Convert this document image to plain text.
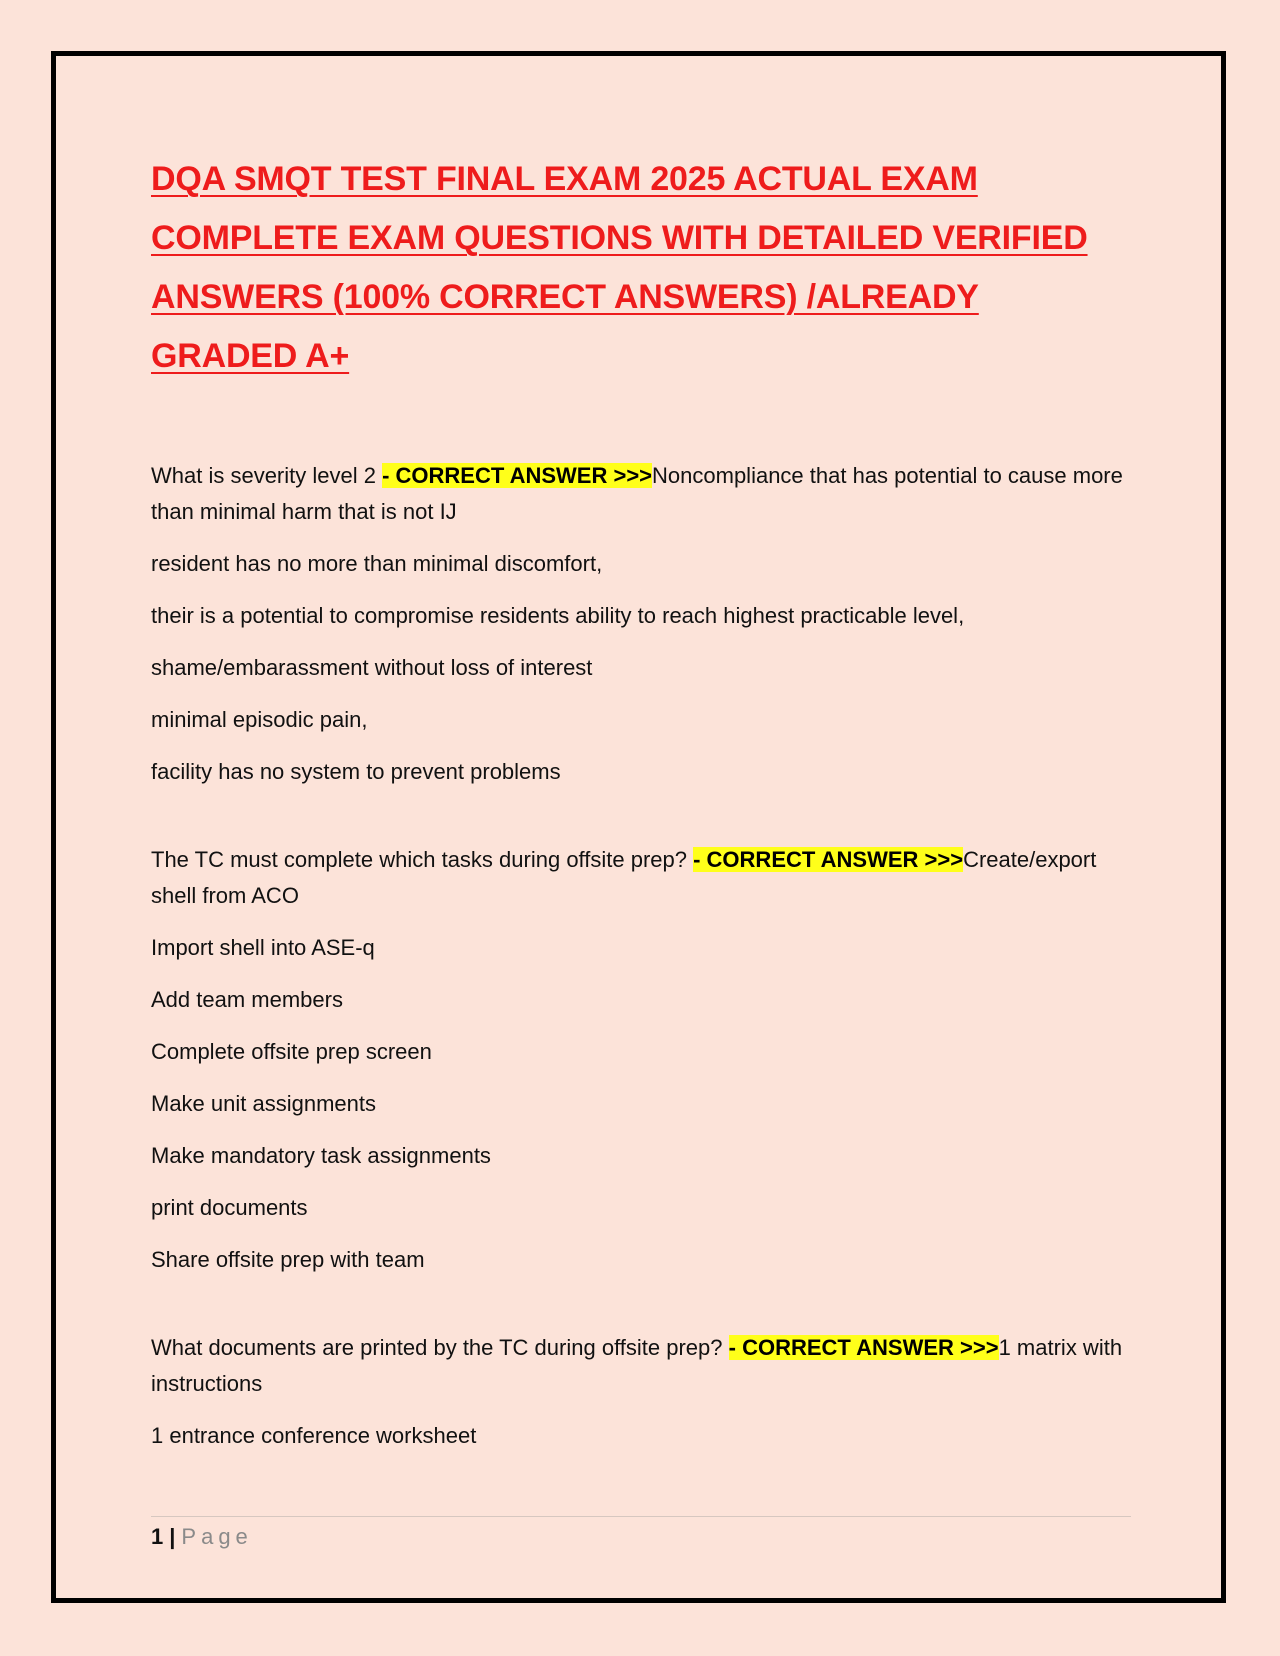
DQA SMQT TEST FINAL EXAM 2025 ACTUAL EXAM COMPLETE EXAM QUESTIONS WITH DETAILED VERIFIED ANSWERS (100% CORRECT ANSWERS) /ALREADY GRADED A+

What is severity level 2 - CORRECT ANSWER >>>Noncompliance that has potential to cause more than minimal harm that is not IJ

resident has no more than minimal discomfort,

their is a potential to compromise residents ability to reach highest practicable level,

shame/embarassment without loss of interest

minimal episodic pain,

facility has no system to prevent problems

The TC must complete which tasks during offsite prep? - CORRECT ANSWER >>>Create/export shell from ACO

Import shell into ASE-q

Add team members

Complete offsite prep screen

Make unit assignments

Make mandatory task assignments

print documents

Share offsite prep with team

What documents are printed by the TC during offsite prep? - CORRECT ANSWER >>>1 matrix with instructions

1 entrance conference worksheet

1 | Page
